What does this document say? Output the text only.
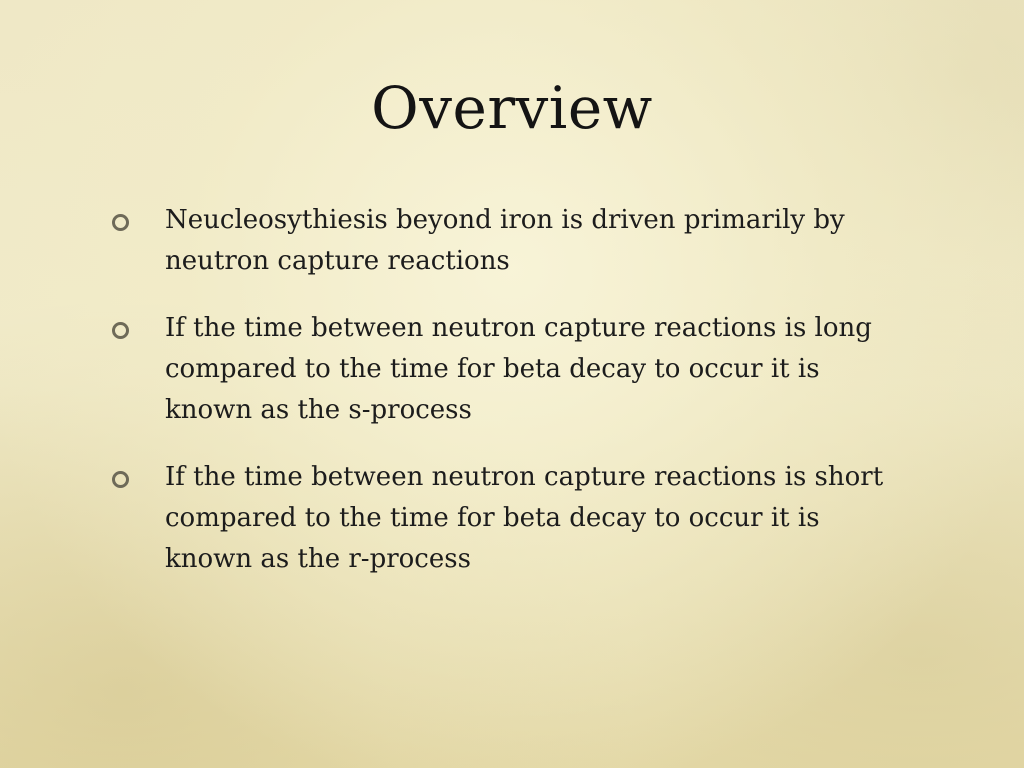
Overview
Neucleosythiesis beyond iron is driven primarily by neutron capture reactions
If the time between neutron capture reactions is long compared to the time for beta decay to occur it is known as the s-process
If the time between neutron capture reactions is short compared to the time for beta decay to occur it is known as the r-process
